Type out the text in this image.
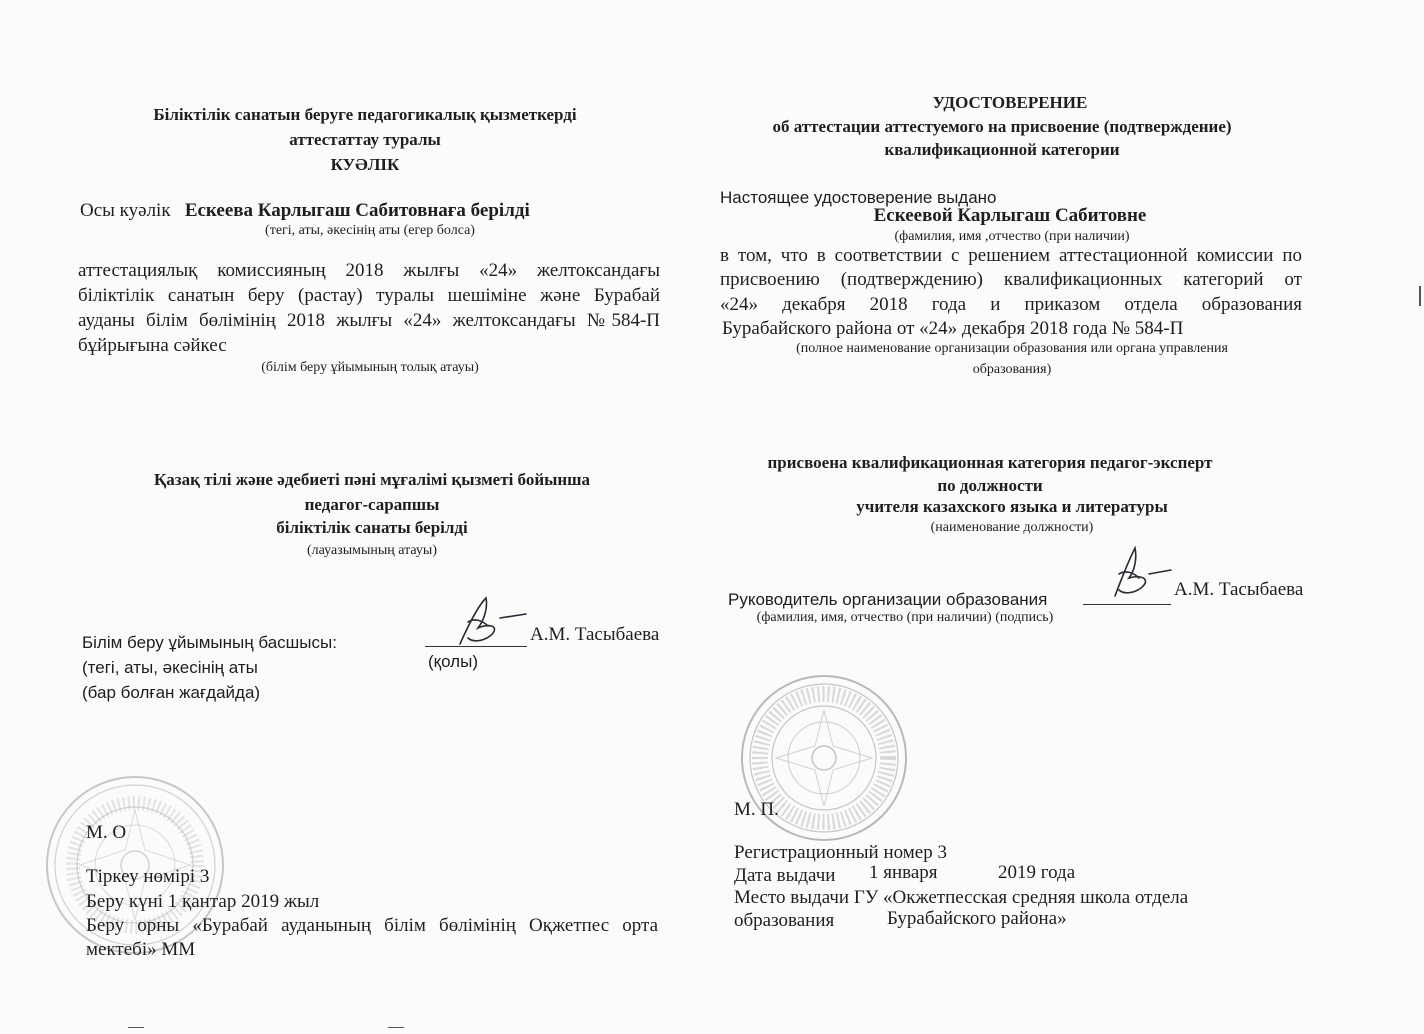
Біліктілік санатын беруге педагогикалық қызметкерді
аттестаттау туралы
КУӘЛІК
Осы куәлік Ескеева Карлыгаш Сабитовнаға берілді
(тегі, аты, әкесінің аты (егер болса)
аттестациялық комиссияның 2018 жылғы «24» желтоксандағы
біліктілік санатын беру (растау) туралы шешіміне және Бурабай
ауданы білім бөлімінің 2018 жылғы «24» желтоксандағы №584-П
бұйрығына сәйкес
(білім беру ұйымының толық атауы)
Қазақ тілі және әдебиеті пәні мұғалімі қызметі бойынша
педагог-сарапшы
біліктілік санаты берілді
(лауазымының атауы)
Білім беру ұйымының басшысы:
(тегі, аты, әкесінің аты
(бар болған жағдайда)
А.М. Тасыбаева
(қолы)
М. О
Тіркеу нөмірі 3
Беру күні 1 қантар 2019 жыл
Беру орны «Бурабай ауданының білім бөлімінің Оқжетпес орта
мектебі» ММ
УДОСТОВЕРЕНИЕ
об аттестации аттестуемого на присвоение (подтверждение)
квалификационной категории
Настоящее удостоверение выдано
Ескеевой Карлыгаш Сабитовне
(фамилия, имя ,отчество (при наличии)
в том, что в соответствии с решением аттестационной комиссии по
присвоению (подтверждению) квалификационных категорий от
«24» декабря 2018 года и приказом отдела образования
Бурабайского района от «24» декабря 2018 года № 584-П
(полное наименование организации образования или органа управления
образования)
присвоена квалификационная категория педагог-эксперт
по должности
учителя казахского языка и литературы
(наименование должности)
Руководитель организации образования	А.М. Тасыбаева
(фамилия, имя, отчество (при наличии) (подпись)
М. П.
Регистрационный номер 3
Дата выдачи 1 января	2019 года
Место выдачи ГУ «Окжетпесская средняя школа отдела
образования	Бурабайского района»
